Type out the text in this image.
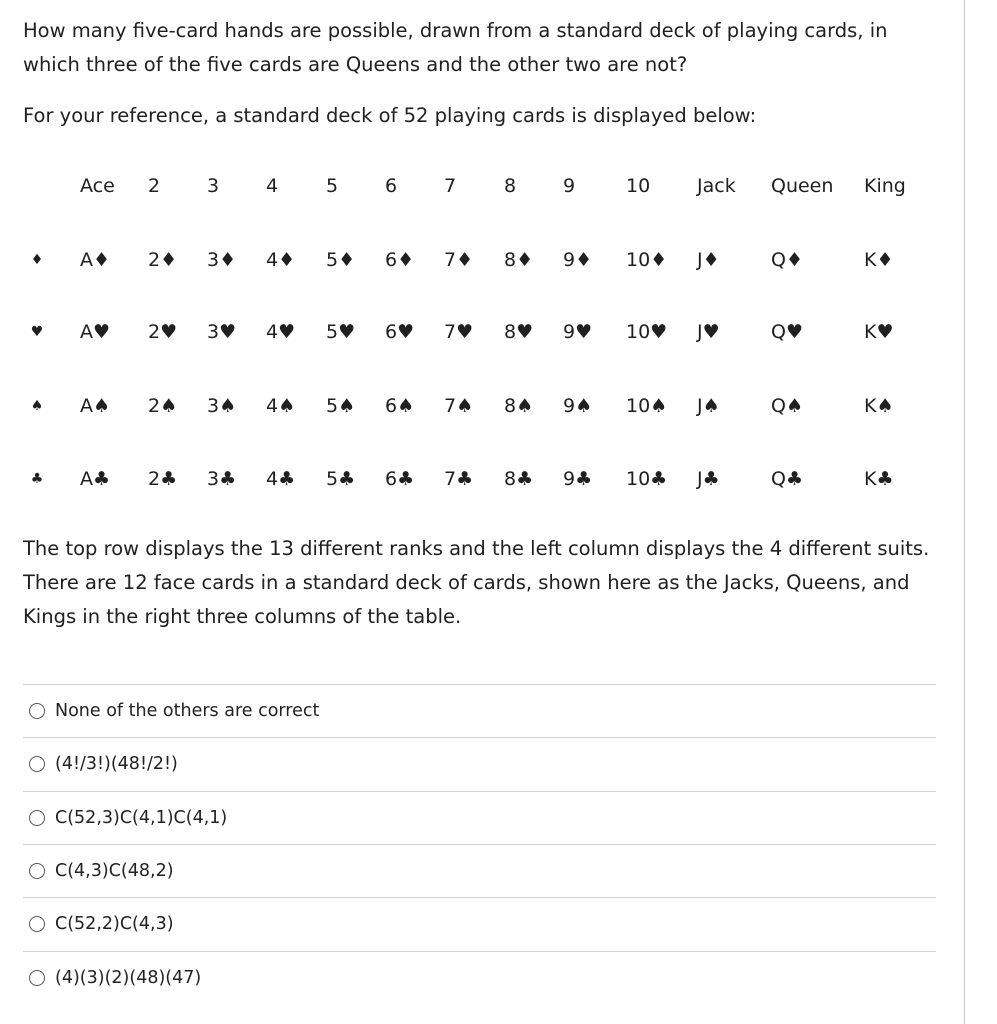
How many five-card hands are possible, drawn from a standard deck of playing cards, in which three of the five cards are Queens and the other two are not?
For your reference, a standard deck of 52 playing cards is displayed below:
Ace 2 3 4	5 6 7	8 9	10 Jack Queen King
♦ A♦ 2♦ 3♦ 4♦ 5♦ 6♦ 7♦ 8♦ 9♦ 10♦ J♦	Q♦	K♦
♥ A♥ 2♥ 3♥ 4♥ 5♥ 6♥ 7♥ 8♥ 9♥ 10♥ J♥	Q♥	K♥
♠ A♠ 2♠ 3♠ 4♠ 5♠ 6♠ 7♠ 8♠ 9♠ 10♠ J♠	Q♠	K♠
♣ A♣ 2♣ 3♣ 4♣ 5♣ 6♣ 7♣ 8♣ 9♣ 10♣ J♣	Q♣	K♣
The top row displays the 13 different ranks and the left column displays the 4 different suits. There are 12 face cards in a standard deck of cards, shown here as the Jacks, Queens, and Kings in the right three columns of the table.
None of the others are correct
(4!/3!)(48!/2!)
C(52,3)C(4,1)C(4,1)
C(4,3)C(48,2)
C(52,2)C(4,3)
(4)(3)(2)(48)(47)
